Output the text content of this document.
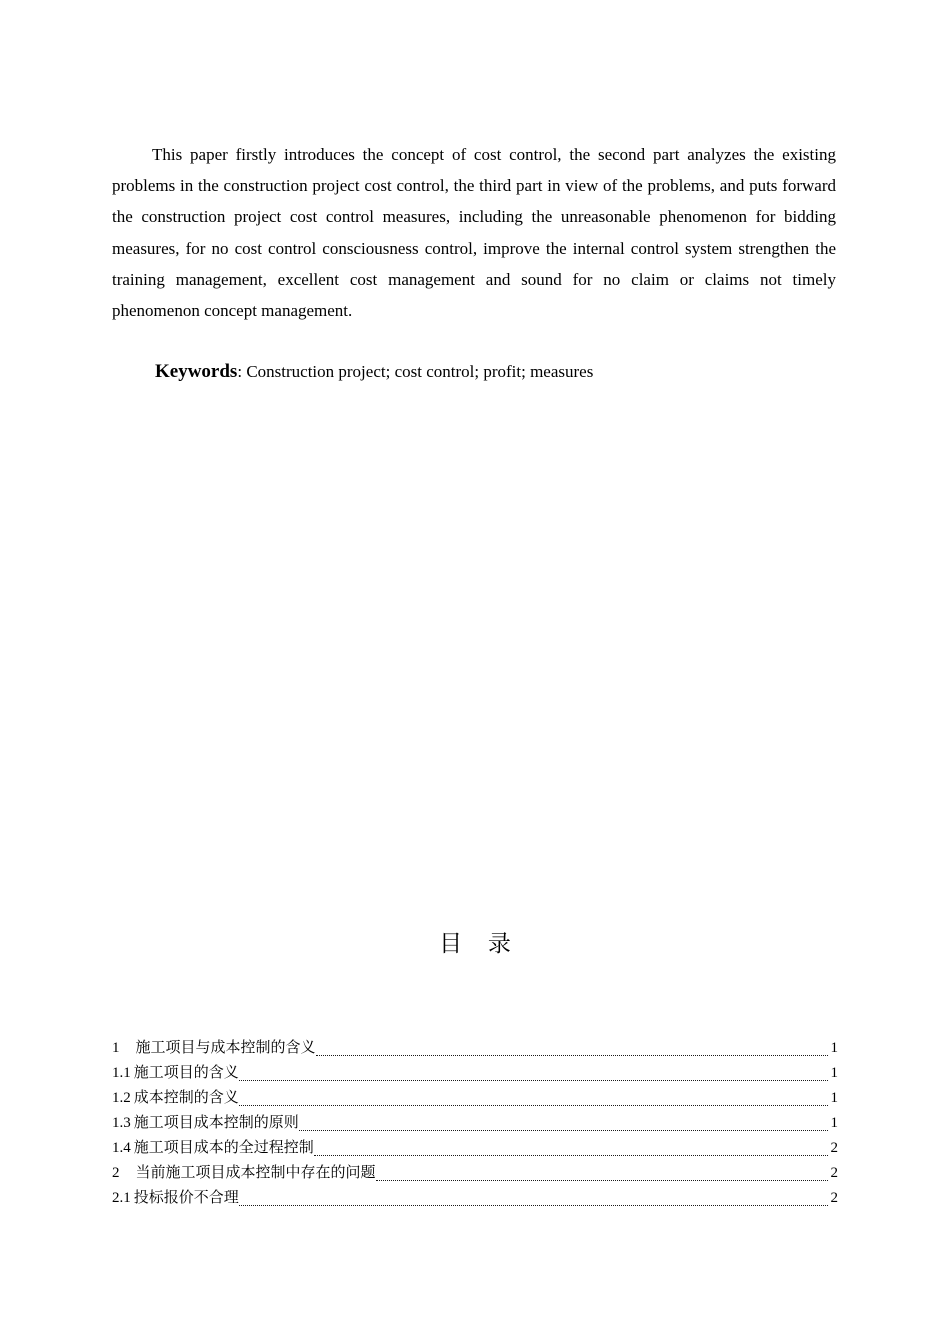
This paper firstly introduces the concept of cost control, the second part analyzes the existing problems in the construction project cost control, the third part in view of the problems, and puts forward the construction project cost control measures, including the unreasonable phenomenon for bidding measures, for no cost control consciousness control, improve the internal control system strengthen the training management, excellent cost management and sound for no claim or claims not timely phenomenon concept management.

Keywords: Construction project; cost control; profit; measures

目 录
1	施工项目与成本控制的含义	1
1.1 施工项目的含义	1
1.2 成本控制的含义	1
1.3 施工项目成本控制的原则	1
1.4 施工项目成本的全过程控制	2
2	当前施工项目成本控制中存在的问题	2
2.1 投标报价不合理	2
